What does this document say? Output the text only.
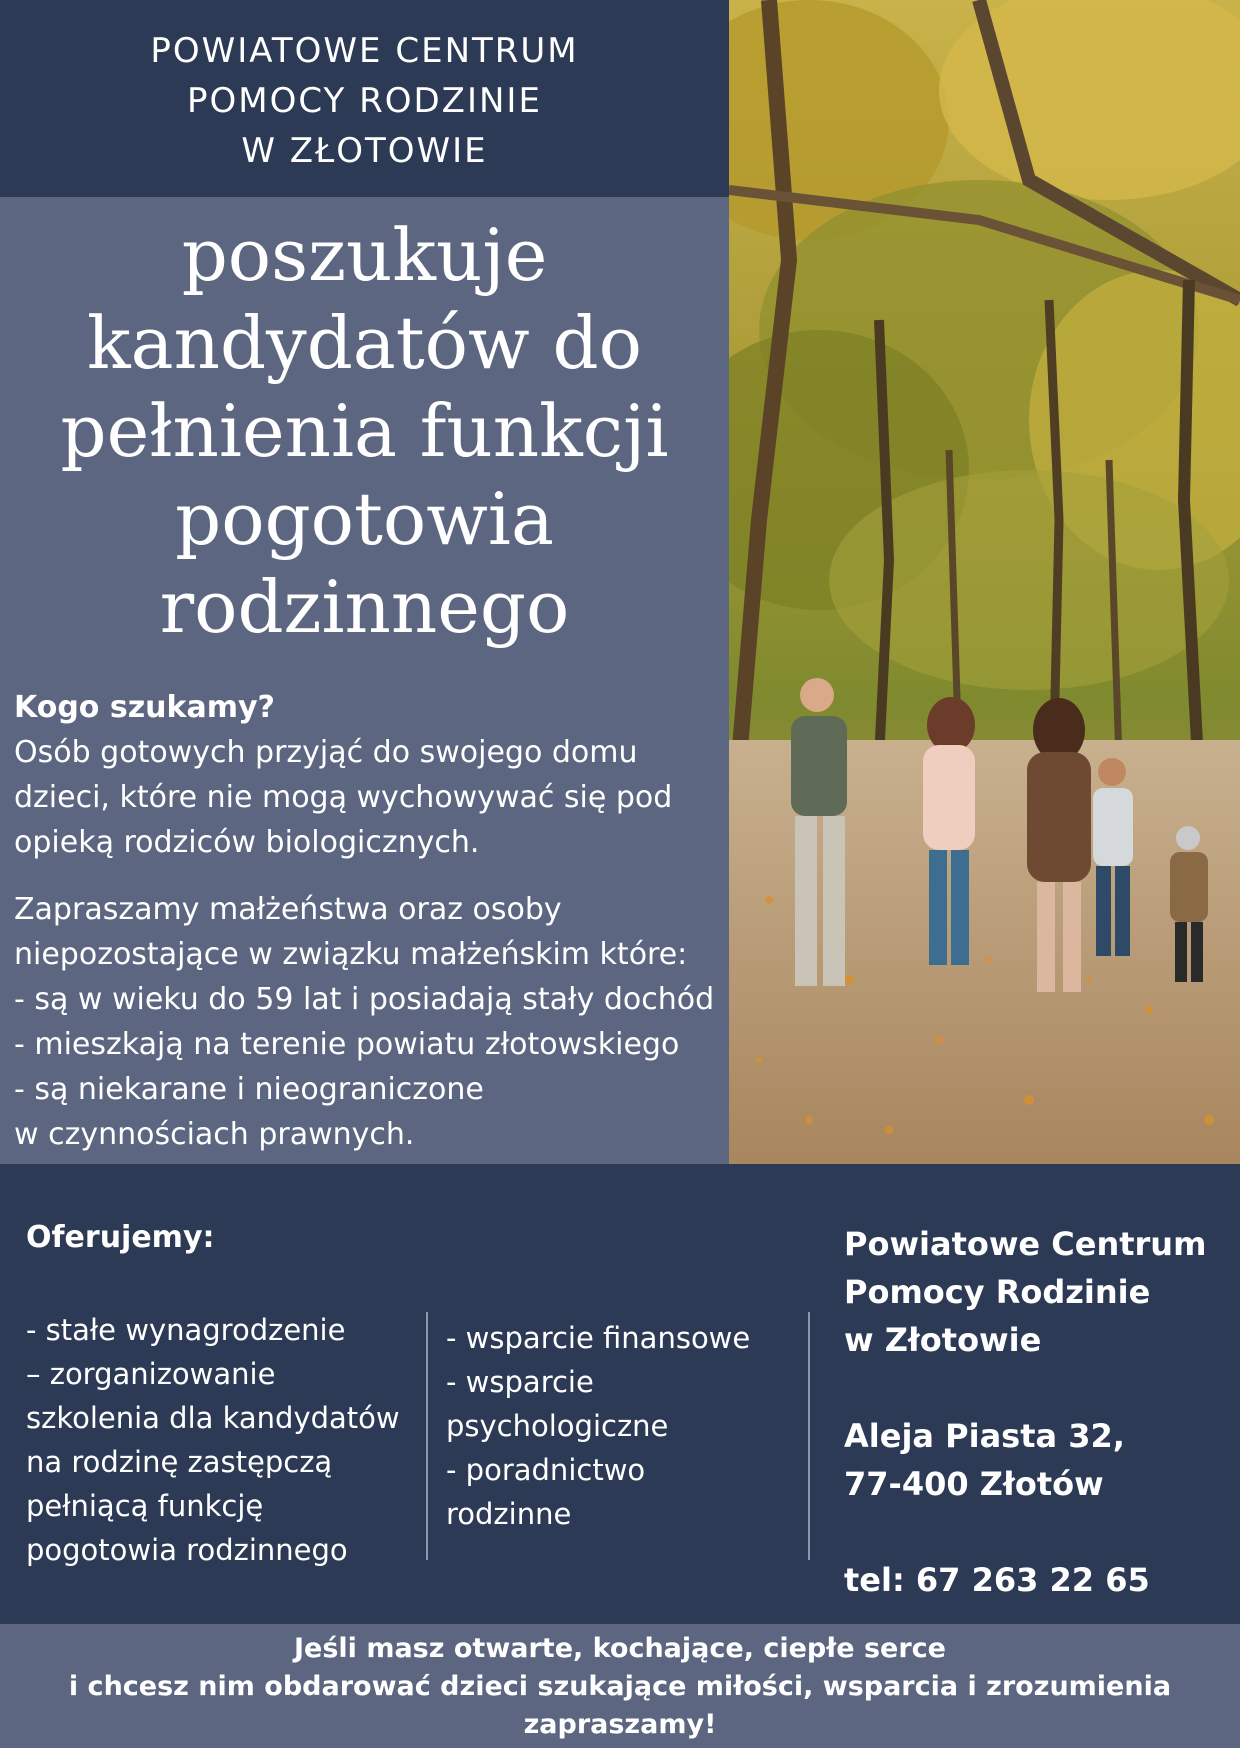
POWIATOWE CENTRUM
POMOCY RODZINIE
W ZŁOTOWIE
poszukuje
kandydatów do
pełnienia funkcji
pogotowia
rodzinnego
Kogo szukamy?
Osób gotowych przyjąć do swojego domu
dzieci, które nie mogą wychowywać się pod
opieką rodziców biologicznych.
Zapraszamy małżeństwa oraz osoby
niepozostające w związku małżeńskim które:
- są w wieku do 59 lat i posiadają stały dochód
- mieszkają na terenie powiatu złotowskiego
- są niekarane i nieograniczone
w czynnościach prawnych.
Oferujemy:
- stałe wynagrodzenie
– zorganizowanie
szkolenia dla kandydatów
na rodzinę zastępczą
pełniącą funkcję
pogotowia rodzinnego
- wsparcie finansowe
- wsparcie
psychologiczne
- poradnictwo
rodzinne
Powiatowe Centrum
Pomocy Rodzinie
w Złotowie
Aleja Piasta 32,
77-400 Złotów
tel: 67 263 22 65
Jeśli masz otwarte, kochające, ciepłe serce
i chcesz nim obdarować dzieci szukające miłości, wsparcia i zrozumienia
zapraszamy!
